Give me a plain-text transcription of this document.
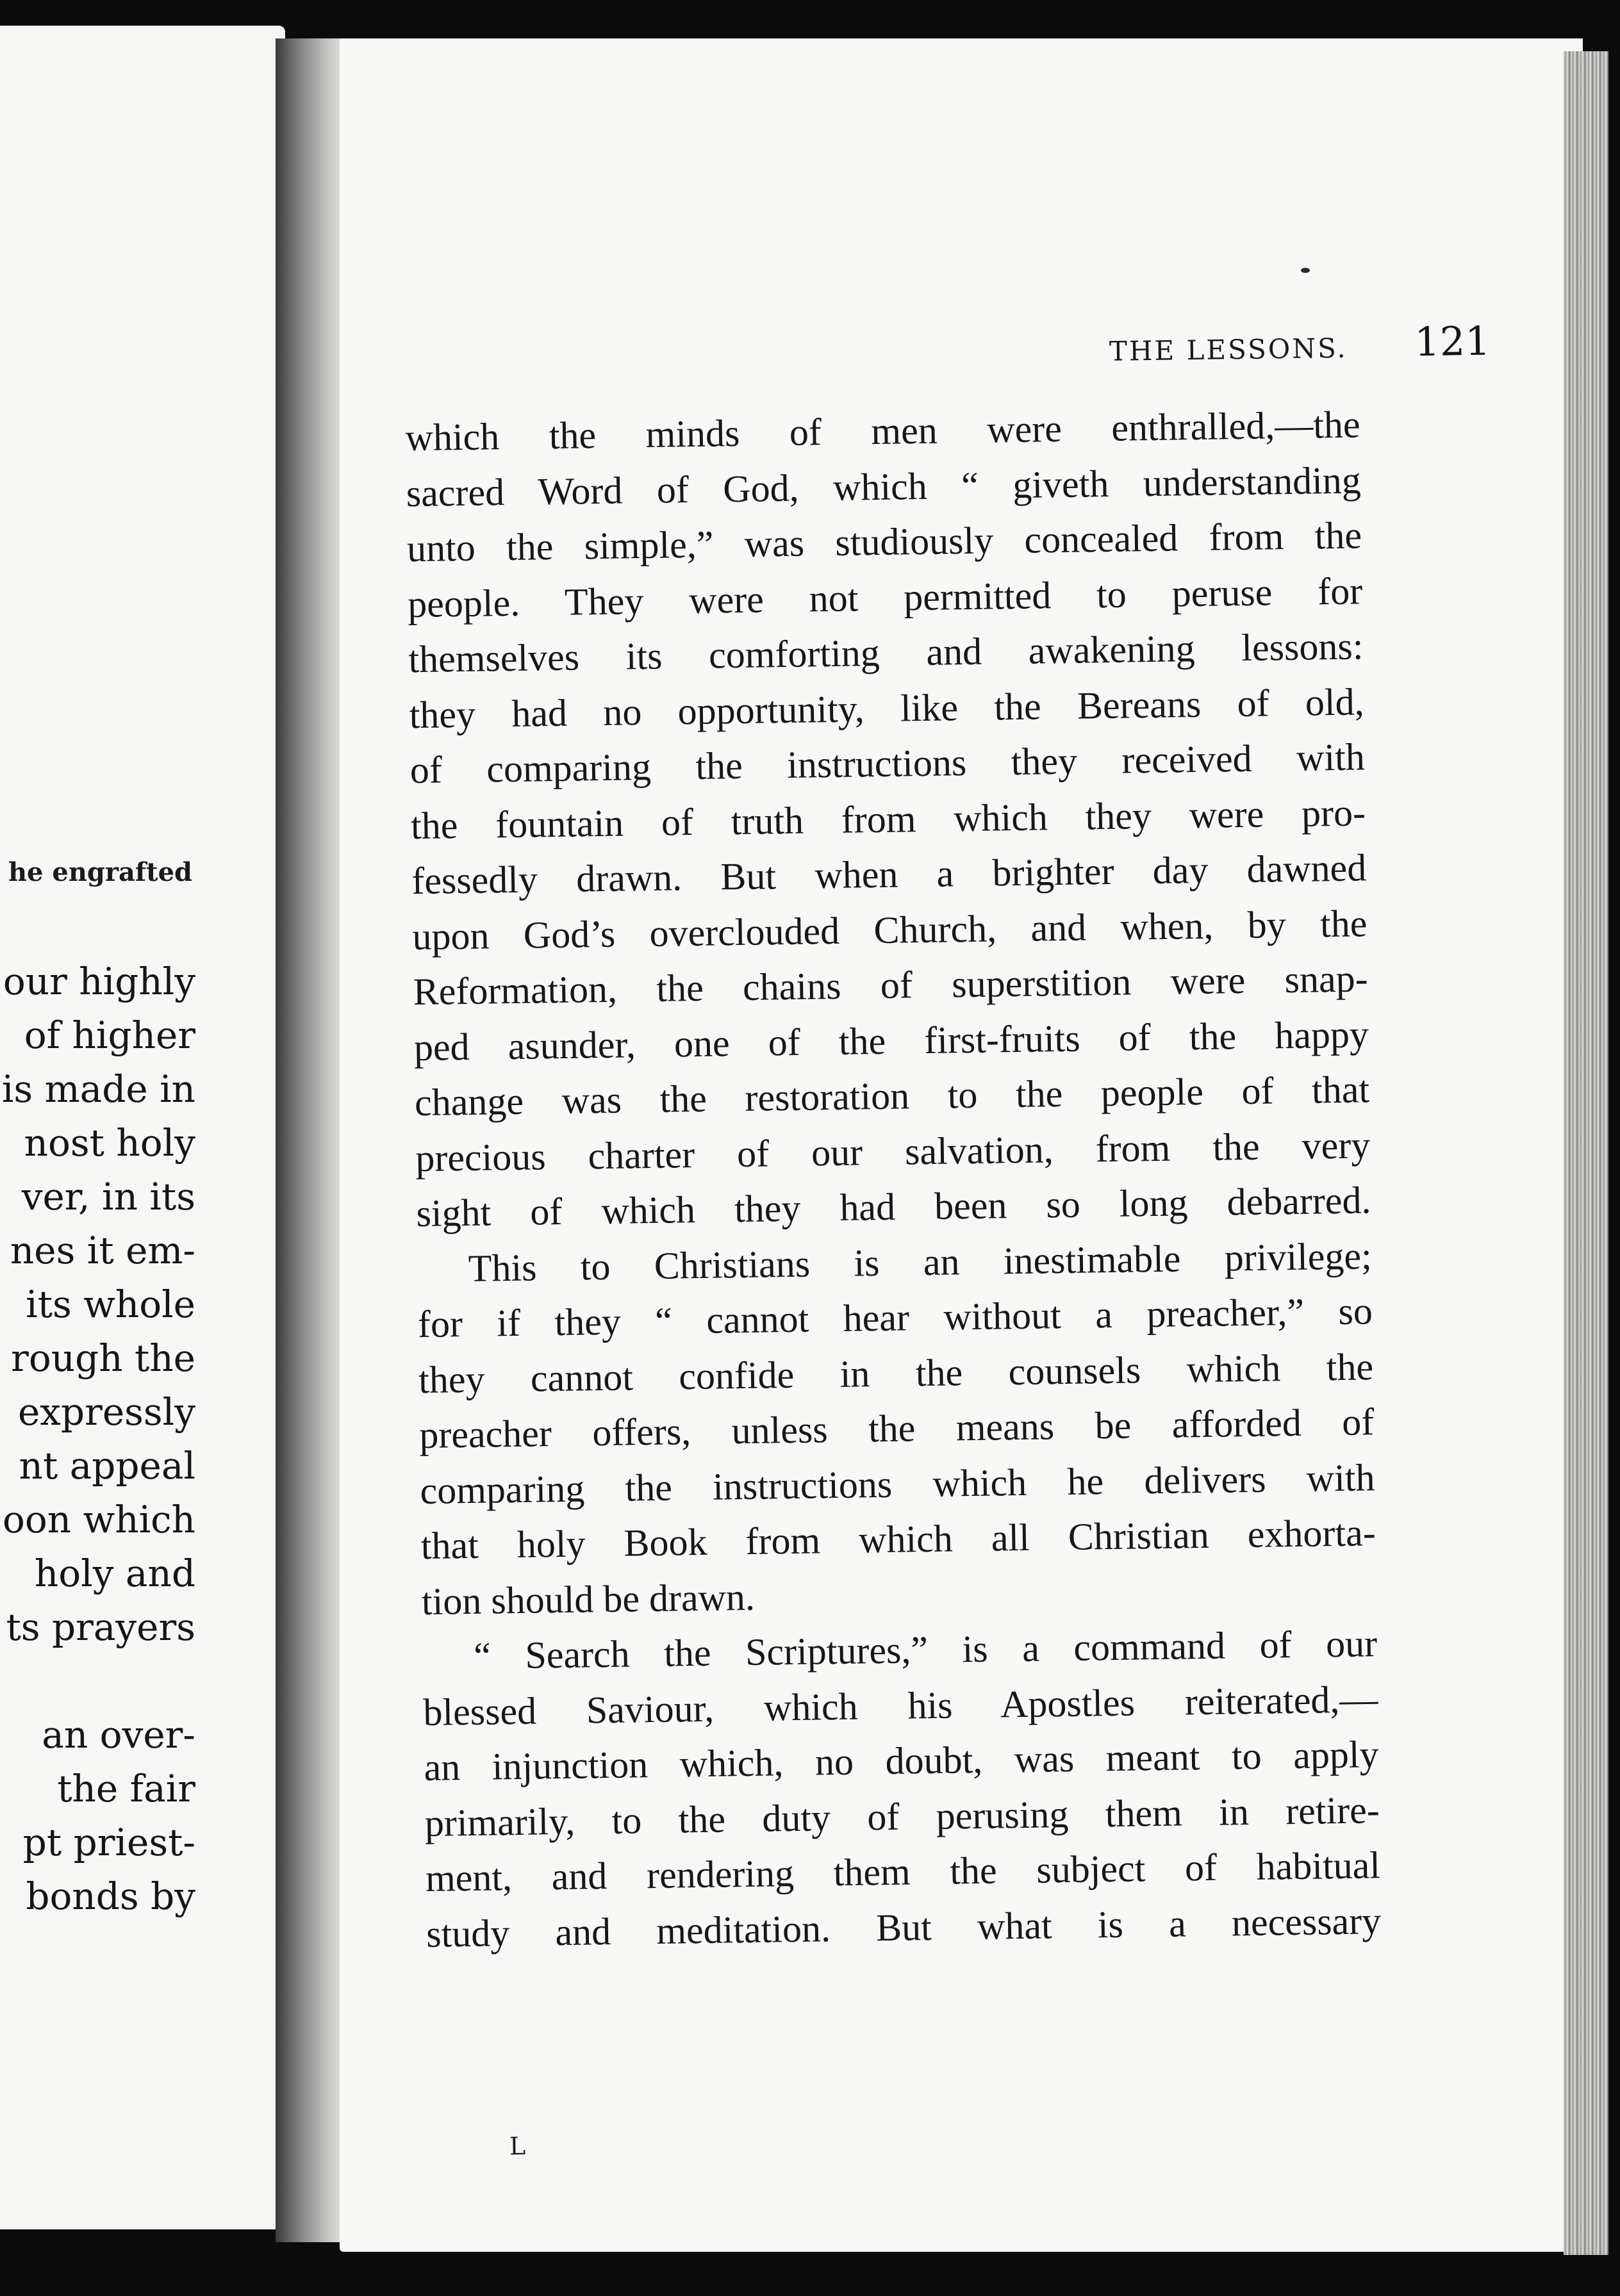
he engrafted
our highly
of higher
is made in
nost holy
ver, in its
nes it em-
its whole
rough the
expressly
nt appeal
oon which
holy and
ts prayers
an over-
the fair
pt priest-
bonds by
THE LESSONS. 121
which the minds of men were enthralled,—the
sacred Word of God, which “ giveth understanding
unto the simple,” was studiously concealed from the
people. They were not permitted to peruse for
themselves its comforting and awakening lessons:
they had no opportunity, like the Bereans of old,
of comparing the instructions they received with
the fountain of truth from which they were pro-
fessedly drawn. But when a brighter day dawned
upon God’s overclouded Church, and when, by the
Reformation, the chains of superstition were snap-
ped asunder, one of the first-fruits of the happy
change was the restoration to the people of that
precious charter of our salvation, from the very
sight of which they had been so long debarred.
This to Christians is an inestimable privilege;
for if they “ cannot hear without a preacher,” so
they cannot confide in the counsels which the
preacher offers, unless the means be afforded of
comparing the instructions which he delivers with
that holy Book from which all Christian exhorta-
tion should be drawn.
“ Search the Scriptures,” is a command of our
blessed Saviour, which his Apostles reiterated,—
an injunction which, no doubt, was meant to apply
primarily, to the duty of perusing them in retire-
ment, and rendering them the subject of habitual
study and meditation. But what is a necessary
L
